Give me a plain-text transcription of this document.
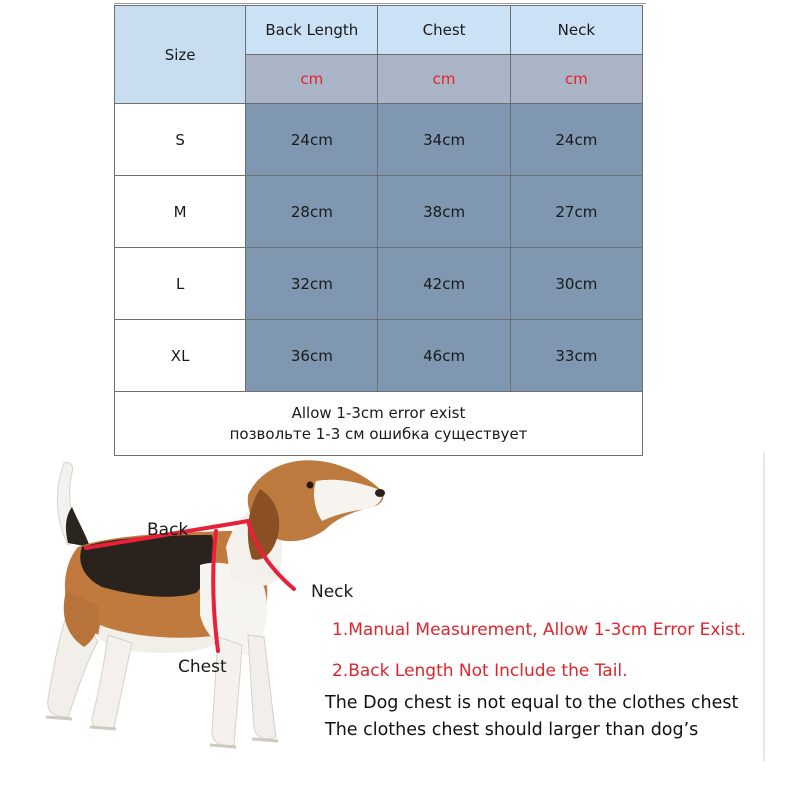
Size	Back Length	Chest	Neck
	cm	cm	cm
S	24cm	34cm	24cm
M	28cm	38cm	27cm
L	32cm	42cm	30cm
XL	36cm	46cm	33cm

Allow 1-3cm error exist
позвольте 1-3 см ошибка существует			
Back
Neck
Chest
1.Manual Measurement, Allow 1-3cm Error Exist.
2.Back Length Not Include the Tail.
The Dog chest is not equal to the clothes chest
The clothes chest should larger than dog’s
